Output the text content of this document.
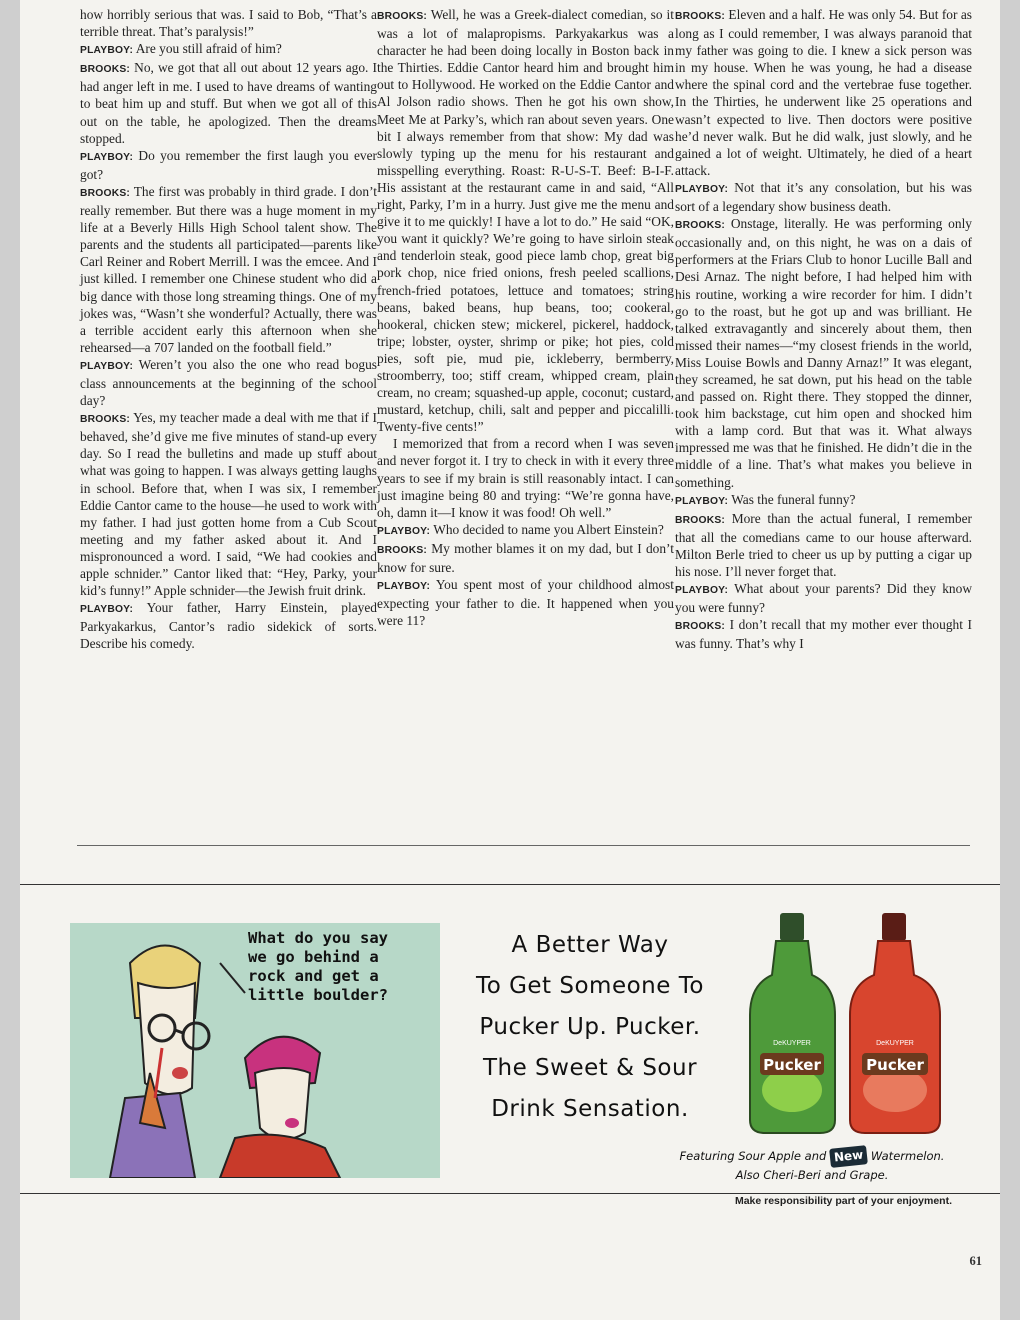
how horribly serious that was. I said to Bob, “That’s a terrible threat. That’s paralysis!”

PLAYBOY: Are you still afraid of him?

BROOKS: No, we got that all out about 12 years ago. I had anger left in me. I used to have dreams of wanting to beat him up and stuff. But when we got all of this out on the table, he apologized. Then the dreams stopped.

PLAYBOY: Do you remember the first laugh you ever got?

BROOKS: The first was probably in third grade. I don’t really remember. But there was a huge moment in my life at a Beverly Hills High School talent show. The parents and the students all participated—parents like Carl Reiner and Robert Merrill. I was the emcee. And I just killed. I remember one Chinese student who did a big dance with those long streaming things. One of my jokes was, “Wasn’t she wonderful? Actually, there was a terrible accident early this afternoon when she rehearsed—a 707 landed on the football field.”

PLAYBOY: Weren’t you also the one who read bogus class announcements at the beginning of the school day?

BROOKS: Yes, my teacher made a deal with me that if I behaved, she’d give me five minutes of stand-up every day. So I read the bulletins and made up stuff about what was going to happen. I was always getting laughs in school. Before that, when I was six, I remember Eddie Cantor came to the house—he used to work with my father. I had just gotten home from a Cub Scout meeting and my father asked about it. And I mispronounced a word. I said, “We had cookies and apple schnider.” Cantor liked that: “Hey, Parky, your kid’s funny!” Apple schnider—the Jewish fruit drink.

PLAYBOY: Your father, Harry Einstein, played Parkyakarkus, Cantor’s radio sidekick of sorts. Describe his comedy.

BROOKS: Well, he was a Greek-dialect comedian, so it was a lot of malapropisms. Parkyakarkus was a character he had been doing locally in Boston back in the Thirties. Eddie Cantor heard him and brought him out to Hollywood. He worked on the Eddie Cantor and Al Jolson radio shows. Then he got his own show, Meet Me at Parky’s, which ran about seven years. One bit I always remember from that show: My dad was slowly typing up the menu for his restaurant and misspelling everything. Roast: R-U-S-T. Beef: B-I-F. His assistant at the restaurant came in and said, “All right, Parky, I’m in a hurry. Just give me the menu and give it to me quickly! I have a lot to do.” He said “OK, you want it quickly? We’re going to have sirloin steak and tenderloin steak, good piece lamb chop, great big pork chop, nice fried onions, fresh peeled scallions, french-fried potatoes, lettuce and tomatoes; string beans, baked beans, hup beans, too; cookeral, hookeral, chicken stew; mickerel, pickerel, haddock, tripe; lobster, oyster, shrimp or pike; hot pies, cold pies, soft pie, mud pie, ickleberry, bermberry, stroomberry, too; stiff cream, whipped cream, plain cream, no cream; squashed-up apple, coconut; custard, mustard, ketchup, chili, salt and pepper and piccalilli. Twenty-five cents!”

I memorized that from a record when I was seven and never forgot it. I try to check in with it every three years to see if my brain is still reasonably intact. I can just imagine being 80 and trying: “We’re gonna have, oh, damn it—I know it was food! Oh well.”

PLAYBOY: Who decided to name you Albert Einstein?

BROOKS: My mother blames it on my dad, but I don’t know for sure.

PLAYBOY: You spent most of your childhood almost expecting your father to die. It happened when you were 11?

BROOKS: Eleven and a half. He was only 54. But for as long as I could remember, I was always paranoid that my father was going to die. I knew a sick person was in my house. When he was young, he had a disease where the spinal cord and the vertebrae fuse together. In the Thirties, he underwent like 25 operations and wasn’t expected to live. Then doctors were positive he’d never walk. But he did walk, just slowly, and he gained a lot of weight. Ultimately, he died of a heart attack.

PLAYBOY: Not that it’s any consolation, but his was sort of a legendary show business death.

BROOKS: Onstage, literally. He was performing only occasionally and, on this night, he was on a dais of performers at the Friars Club to honor Lucille Ball and Desi Arnaz. The night before, I had helped him with his routine, working a wire recorder for him. I didn’t go to the roast, but he got up and was brilliant. He talked extravagantly and sincerely about them, then missed their names—“my closest friends in the world, Miss Louise Bowls and Danny Arnaz!” It was elegant, they screamed, he sat down, put his head on the table and passed on. Right there. They stopped the dinner, took him backstage, cut him open and shocked him with a lamp cord. But that was it. What always impressed me was that he finished. He didn’t die in the middle of a line. That’s what makes you believe in something.

PLAYBOY: Was the funeral funny?

BROOKS: More than the actual funeral, I remember that all the comedians came to our house afterward. Milton Berle tried to cheer us up by putting a cigar up his nose. I’ll never forget that.

PLAYBOY: What about your parents? Did they know you were funny?

BROOKS: I don’t recall that my mother ever thought I was funny. That’s why I

What do you say
we go behind a
rock and get a
little boulder?
A Better Way
To Get Someone To
Pucker Up. Pucker.
The Sweet & Sour
Drink Sensation.
Pucker
DeKUYPER
Pucker
DeKUYPER
Featuring Sour Apple and New Watermelon.
Also Cheri-Beri and Grape.
Make responsibility part of your enjoyment.
61
